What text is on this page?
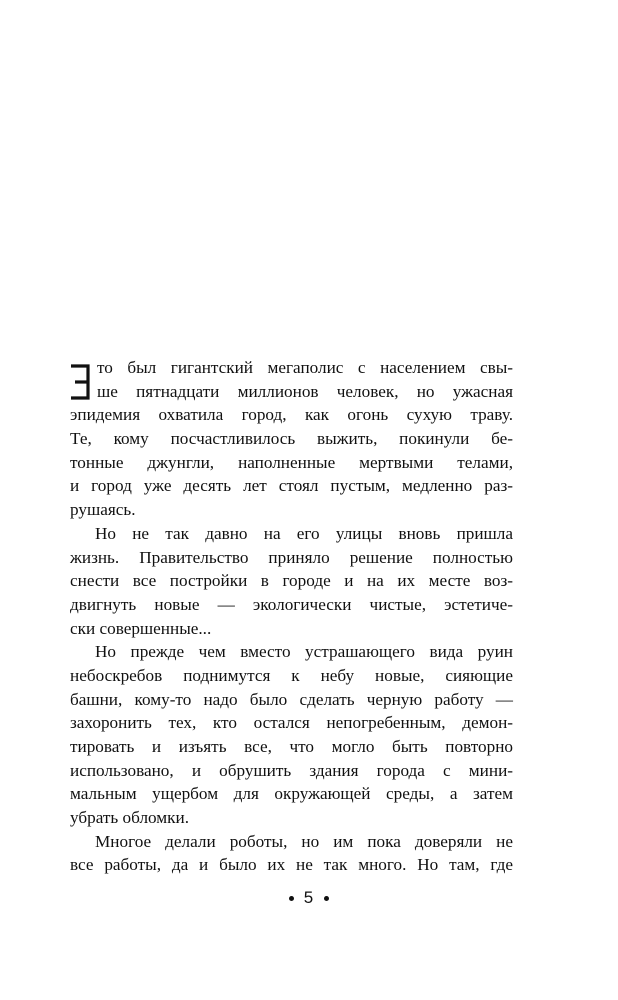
то был гигантский мегаполис с населением свы-
ше пятнадцати миллионов человек, но ужасная
эпидемия охватила город, как огонь сухую траву.
Те, кому посчастливилось выжить, покинули бе-
тонные джунгли, наполненные мертвыми телами,
и город уже десять лет стоял пустым, медленно раз-
рушаясь.
Но не так давно на его улицы вновь пришла
жизнь. Правительство приняло решение полностью
снести все постройки в городе и на их месте воз-
двигнуть новые — экологически чистые, эстетиче-
ски совершенные...
Но прежде чем вместо устрашающего вида руин
небоскребов поднимутся к небу новые, сияющие
башни, кому-то надо было сделать черную работу —
захоронить тех, кто остался непогребенным, демон-
тировать и изъять все, что могло быть повторно
использовано, и обрушить здания города с мини-
мальным ущербом для окружающей среды, а затем
убрать обломки.
Многое делали роботы, но им пока доверяли не
все работы, да и было их не так много. Но там, где
5
